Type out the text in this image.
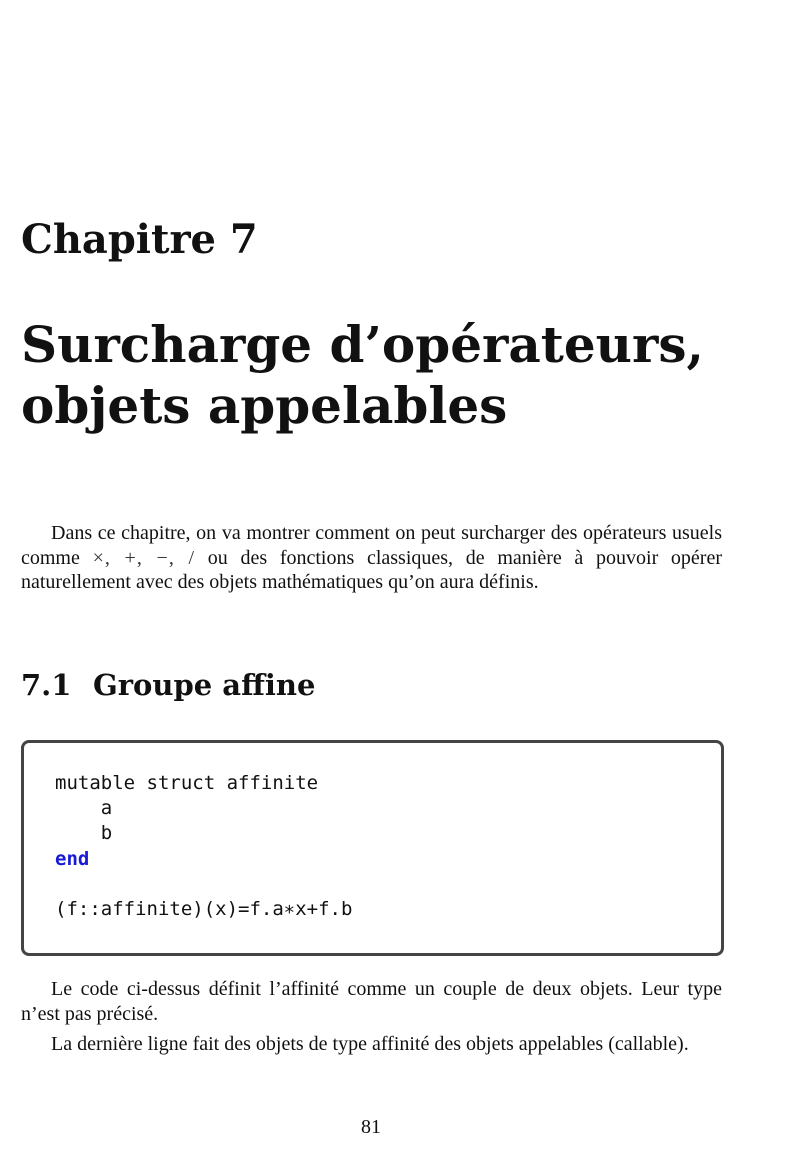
Chapitre 7
Surcharge d’opérateurs,
objets appelables

Dans ce chapitre, on va montrer comment on peut surcharger des opérateurs usuels comme ×, +, −, / ou des fonctions classiques, de manière à pouvoir opérer naturellement avec des objets mathématiques qu’on aura définis.

7.1 Groupe affine
mutable struct affinite
a
b
end

(f::affinite)(x)=f.a∗x+f.b

Le code ci-dessus définit l’affinité comme un couple de deux objets. Leur type n’est pas précisé.

La dernière ligne fait des objets de type affinité des objets appelables (callable).

81
